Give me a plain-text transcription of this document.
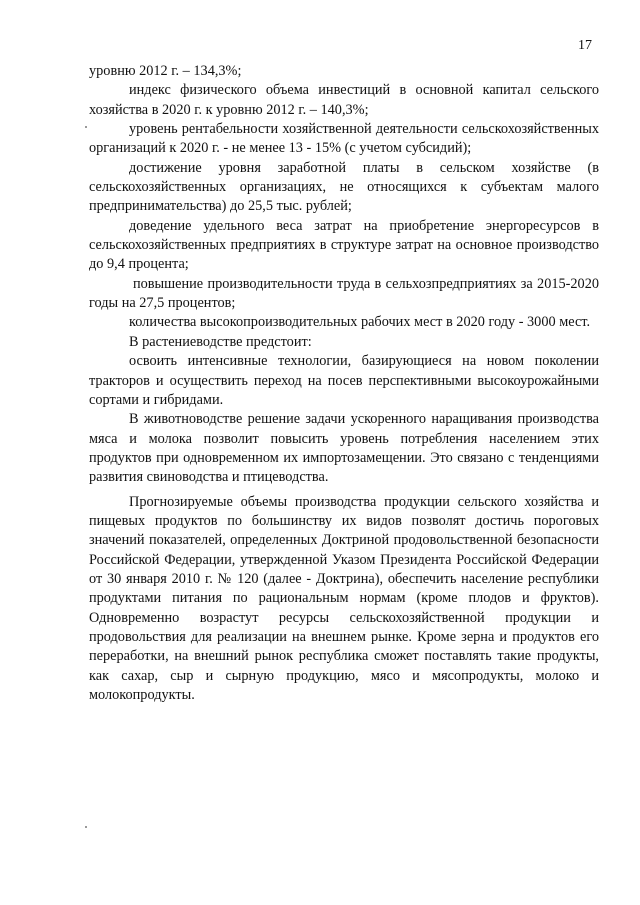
17

уровню 2012 г. – 134,3%;

индекс физического объема инвестиций в основной капитал сельского хозяйства в 2020 г. к уровню 2012 г. – 140,3%;

уровень рентабельности хозяйственной деятельности сельскохозяйственных организаций к 2020 г. - не менее 13 - 15% (с учетом субсидий);

достижение уровня заработной платы в сельском хозяйстве (в сельскохозяйственных организациях, не относящихся к субъектам малого предпринимательства) до 25,5 тыс. рублей;

доведение удельного веса затрат на приобретение энергоресурсов в сельскохозяйственных предприятиях в структуре затрат на основное производство до 9,4 процента;

повышение производительности труда в сельхозпредприятиях за 2015-2020 годы на 27,5 процентов;

количества высокопроизводительных рабочих мест в 2020 году - 3000 мест.

В растениеводстве предстоит:

освоить интенсивные технологии, базирующиеся на новом поколении тракторов и осуществить переход на посев перспективными высокоурожайными сортами и гибридами.

В животноводстве решение задачи ускоренного наращивания производства мяса и молока позволит повысить уровень потребления населением этих продуктов при одновременном их импортозамещении. Это связано с тенденциями развития свиноводства и птицеводства.

Прогнозируемые объемы производства продукции сельского хозяйства и пищевых продуктов по большинству их видов позволят достичь пороговых значений показателей, определенных Доктриной продовольственной безопасности Российской Федерации, утвержденной Указом Президента Российской Федерации от 30 января 2010 г. № 120 (далее - Доктрина), обеспечить население республики продуктами питания по рациональным нормам (кроме плодов и фруктов). Одновременно возрастут ресурсы сельскохозяйственной продукции и продовольствия для реализации на внешнем рынке. Кроме зерна и продуктов его переработки, на внешний рынок республика сможет поставлять такие продукты, как сахар, сыр и сырную продукцию, мясо и мясопродукты, молоко и молокопродукты.
